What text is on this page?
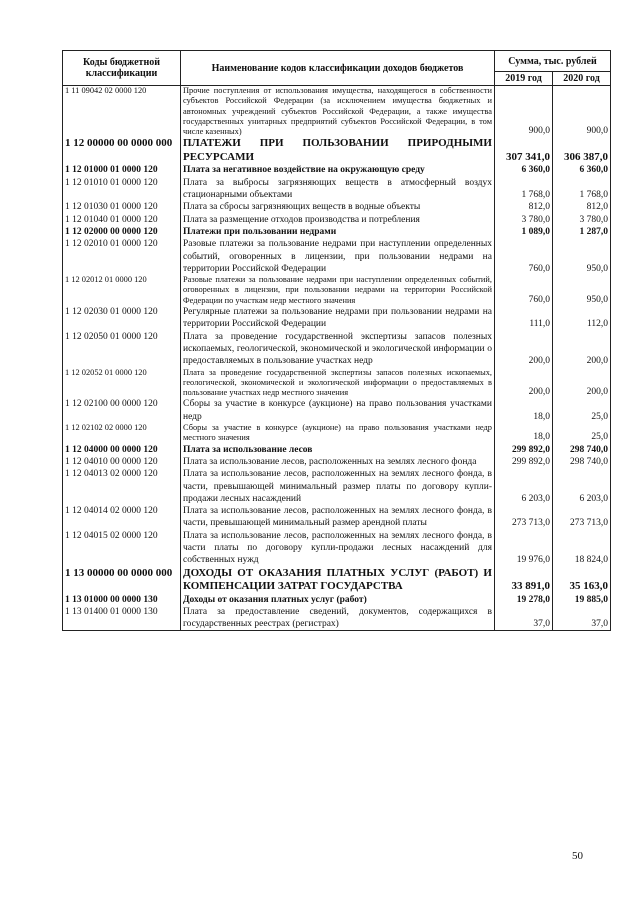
Коды бюджетной классификации	Наименование кодов классификации доходов бюджетов	Сумма, тыс. рублей	
		2019 год	2020 год
1 11 09042 02 0000 120	Прочие поступления от использования имущества, находящегося в собственности субъектов Российской Федерации (за исключением имущества бюджетных и автономных учреждений субъектов Российской Федерации, а также имущества государственных унитарных предприятий субъектов Российской Федерации, в том числе казенных)	900,0	900,0
1 12 00000 00 0000 000	ПЛАТЕЖИ ПРИ ПОЛЬЗОВАНИИ ПРИРОДНЫМИ РЕСУРСАМИ	307 341,0	306 387,0
1 12 01000 01 0000 120	Плата за негативное воздействие на окружающую среду	6 360,0	6 360,0
1 12 01010 01 0000 120	Плата за выбросы загрязняющих веществ в атмосферный воздух стационарными объектами	1 768,0	1 768,0
1 12 01030 01 0000 120	Плата за сбросы загрязняющих веществ в водные объекты	812,0	812,0
1 12 01040 01 0000 120	Плата за размещение отходов производства и потребления	3 780,0	3 780,0
1 12 02000 00 0000 120	Платежи при пользовании недрами	1 089,0	1 287,0
1 12 02010 01 0000 120	Разовые платежи за пользование недрами при наступлении определенных событий, оговоренных в лицензии, при пользовании недрами на территории Российской Федерации	760,0	950,0
1 12 02012 01 0000 120	Разовые платежи за пользование недрами при наступлении определенных событий, оговоренных в лицензии, при пользовании недрами на территории Российской Федерации по участкам недр местного значения	760,0	950,0
1 12 02030 01 0000 120	Регулярные платежи за пользование недрами при пользовании недрами на территории Российской Федерации	111,0	112,0
1 12 02050 01 0000 120	Плата за проведение государственной экспертизы запасов полезных ископаемых, геологической, экономической и экологической информации о предоставляемых в пользование участках недр	200,0	200,0
1 12 02052 01 0000 120	Плата за проведение государственной экспертизы запасов полезных ископаемых, геологической, экономической и экологической информации о предоставляемых в пользование участках недр местного значения	200,0	200,0
1 12 02100 00 0000 120	Сборы за участие в конкурсе (аукционе) на право пользования участками недр	18,0	25,0
1 12 02102 02 0000 120	Сборы за участие в конкурсе (аукционе) на право пользования участками недр местного значения	18,0	25,0
1 12 04000 00 0000 120	Плата за использование лесов	299 892,0	298 740,0
1 12 04010 00 0000 120	Плата за использование лесов, расположенных на землях лесного фонда	299 892,0	298 740,0
1 12 04013 02 0000 120	Плата за использование лесов, расположенных на землях лесного фонда, в части, превышающей минимальный размер платы по договору купли-продажи лесных насаждений	6 203,0	6 203,0
1 12 04014 02 0000 120	Плата за использование лесов, расположенных на землях лесного фонда, в части, превышающей минимальный размер арендной платы	273 713,0	273 713,0
1 12 04015 02 0000 120	Плата за использование лесов, расположенных на землях лесного фонда, в части платы по договору купли-продажи лесных насаждений для собственных нужд	19 976,0	18 824,0
1 13 00000 00 0000 000	ДОХОДЫ ОТ ОКАЗАНИЯ ПЛАТНЫХ УСЛУГ (РАБОТ) И КОМПЕНСАЦИИ ЗАТРАТ ГОСУДАРСТВА	33 891,0	35 163,0
1 13 01000 00 0000 130	Доходы от оказания платных услуг (работ)	19 278,0	19 885,0
1 13 01400 01 0000 130	Плата за предоставление сведений, документов, содержащихся в государственных реестрах (регистрах)	37,0	37,0
50
